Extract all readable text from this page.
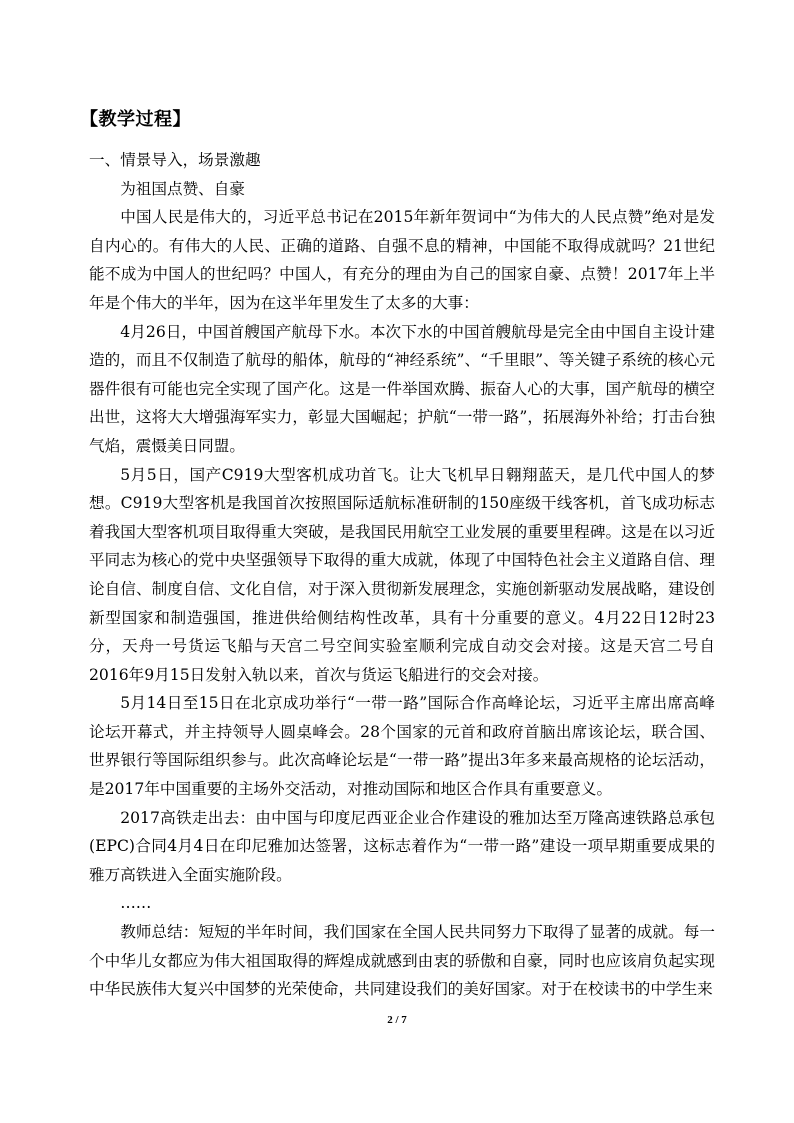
【教学过程】

一、情景导入，场景激趣

为祖国点赞、自豪

中国人民是伟大的，习近平总书记在2015年新年贺词中“为伟大的人民点赞”绝对是发自内心的。有伟大的人民、正确的道路、自强不息的精神，中国能不取得成就吗？21世纪能不成为中国人的世纪吗？中国人，有充分的理由为自己的国家自豪、点赞！2017年上半年是个伟大的半年，因为在这半年里发生了太多的大事：

4月26日，中国首艘国产航母下水。本次下水的中国首艘航母是完全由中国自主设计建造的，而且不仅制造了航母的船体，航母的“神经系统”、“千里眼”、等关键子系统的核心元器件很有可能也完全实现了国产化。这是一件举国欢腾、振奋人心的大事，国产航母的横空出世，这将大大增强海军实力，彰显大国崛起；护航“一带一路”，拓展海外补给；打击台独气焰，震慑美日同盟。

5月5日，国产C919大型客机成功首飞。让大飞机早日翱翔蓝天，是几代中国人的梦想。C919大型客机是我国首次按照国际适航标准研制的150座级干线客机，首飞成功标志着我国大型客机项目取得重大突破，是我国民用航空工业发展的重要里程碑。这是在以习近平同志为核心的党中央坚强领导下取得的重大成就，体现了中国特色社会主义道路自信、理论自信、制度自信、文化自信，对于深入贯彻新发展理念，实施创新驱动发展战略，建设创新型国家和制造强国，推进供给侧结构性改革，具有十分重要的意义。4月22日12时23分，天舟一号货运飞船与天宫二号空间实验室顺利完成自动交会对接。这是天宫二号自2016年9月15日发射入轨以来，首次与货运飞船进行的交会对接。

5月14日至15日在北京成功举行“一带一路”国际合作高峰论坛，习近平主席出席高峰论坛开幕式，并主持领导人圆桌峰会。28个国家的元首和政府首脑出席该论坛，联合国、世界银行等国际组织参与。此次高峰论坛是“一带一路”提出3年多来最高规格的论坛活动，是2017年中国重要的主场外交活动，对推动国际和地区合作具有重要意义。

2017高铁走出去：由中国与印度尼西亚企业合作建设的雅加达至万隆高速铁路总承包(EPC)合同4月4日在印尼雅加达签署，这标志着作为“一带一路”建设一项早期重要成果的雅万高铁进入全面实施阶段。

……

教师总结：短短的半年时间，我们国家在全国人民共同努力下取得了显著的成就。每一个中华儿女都应为伟大祖国取得的辉煌成就感到由衷的骄傲和自豪，同时也应该肩负起实现中华民族伟大复兴中国梦的光荣使命，共同建设我们的美好国家。对于在校读书的中学生来

2 / 7
